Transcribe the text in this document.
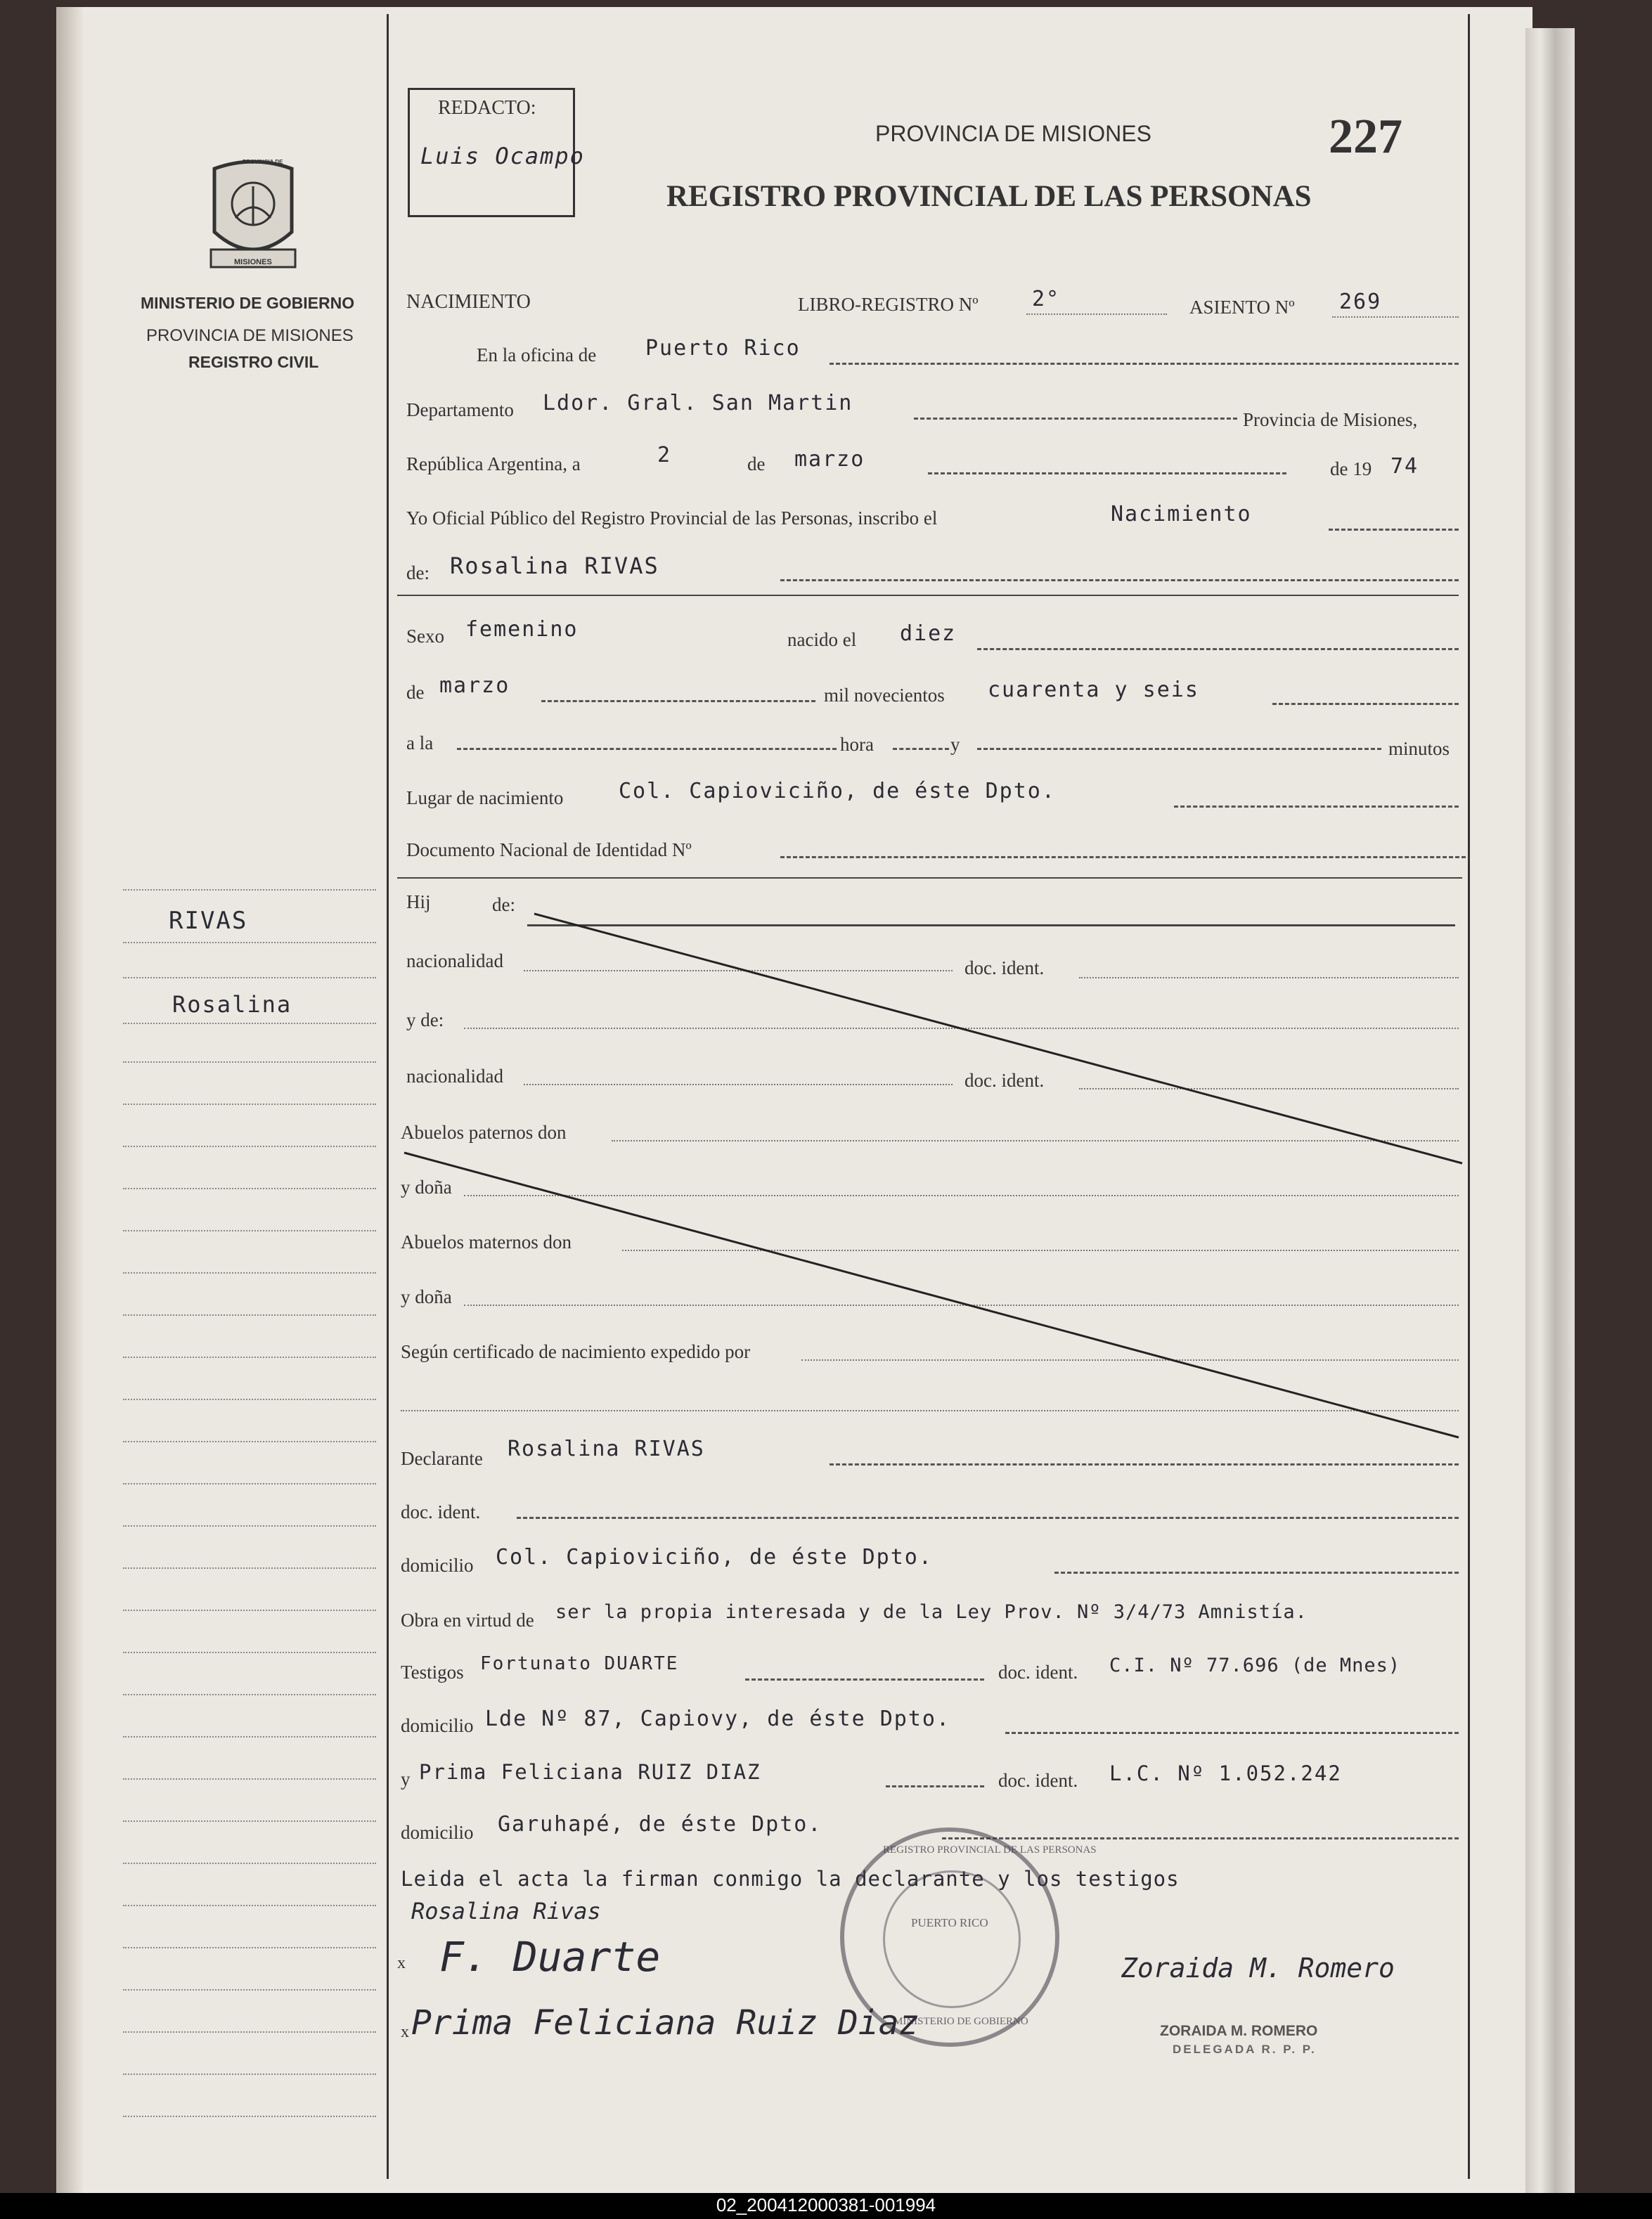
REDACTO:
Luis Ocampo
PROVINCIA DE MISIONES	227
REGISTRO PROVINCIAL DE LAS PERSONAS
PROVINCIA DE
MISIONES
MINISTERIO DE GOBIERNO
PROVINCIA DE MISIONES
REGISTRO CIVIL
RIVAS
Rosalina
NACIMIENTO	LIBRO-REGISTRO Nº	2°	ASIENTO Nº 269
En la oficina de Puerto Rico
Departamento Ldor. Gral. San Martin
Provincia de Misiones,
República Argentina, a	2	de marzo	de 19 74
Yo Oficial Público del Registro Provincial de las Personas, inscribo el	Nacimiento
de: Rosalina RIVAS
Sexo femenino	nacido el diez
de marzo	mil novecientos cuarenta y seis
a la	hora	y	minutos
Lugar de nacimiento	Col. Capioviciño, de éste Dpto.
Documento Nacional de Identidad Nº
Hij	de:
nacionalidad	doc. ident.
y de:
nacionalidad	doc. ident.
Abuelos paternos don
y doña
Abuelos maternos don
y doña
Según certificado de nacimiento expedido por
Declarante Rosalina RIVAS
doc. ident.
domicilio Col. Capioviciño, de éste Dpto.
Obra en virtud de ser la propia interesada y de la Ley Prov. Nº 3/4/73 Amnistía.
Testigos Fortunato DUARTE	doc. ident. C.I. Nº 77.696 (de Mnes)
domicilio Lde Nº 87, Capiovy, de éste Dpto.
y Prima Feliciana RUIZ DIAZ	doc. ident. L.C. Nº 1.052.242
domicilio Garuhapé, de éste Dpto.
Leida el acta la firman conmigo la declarante y los testigos
REGISTRO PROVINCIAL DE LAS PERSONAS
PUERTO RICO
MINISTERIO DE GOBIERNO
Rosalina Rivas
x F. Duarte
x Prima Feliciana Ruiz Diaz
Zoraida M. Romero
ZORAIDA M. ROMERO
DELEGADA R. P. P.
02_200412000381-001994
